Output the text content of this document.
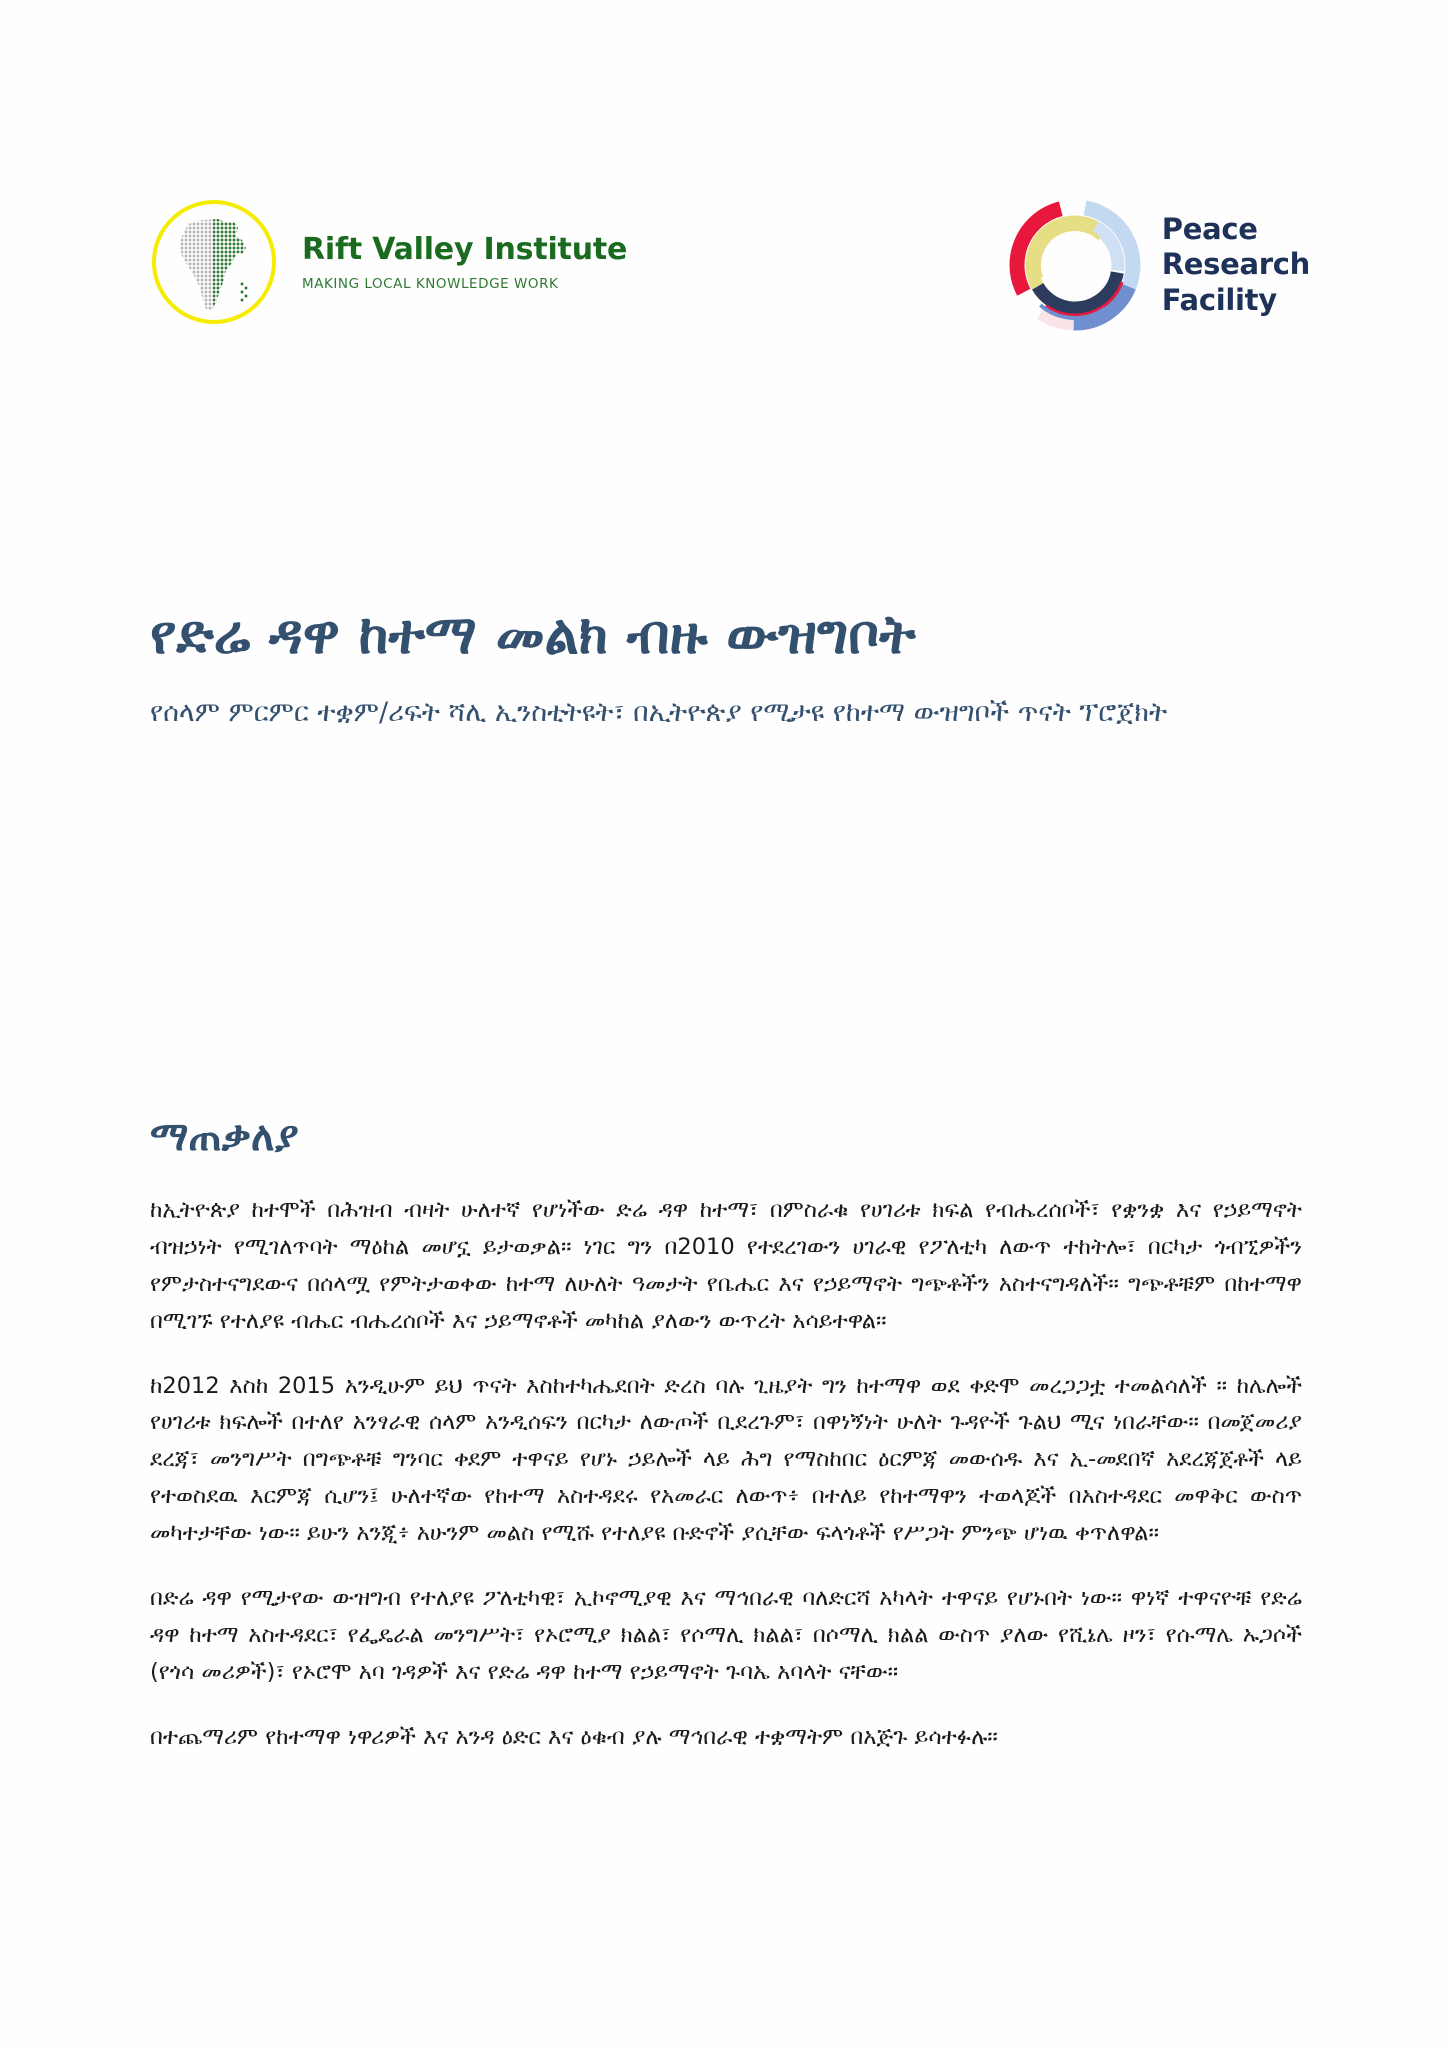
Rift Valley Institute
MAKING LOCAL KNOWLEDGE WORK
Peace
Research
Facility
የድሬ ዳዋ ከተማ መልክ ብዙ ውዝግቦት
የሰላም ምርምር ተቋም/ሪፍት ሻሊ ኢንስቲትዩት፣ በኢትዮጵያ የሚታዩ የከተማ ውዝግቦች ጥናት ፕሮጀክት
ማጠቃለያ

ከኢትዮጵያ ከተሞች በሕዝብ ብዛት ሁለተኛ የሆነችው ድሬ ዳዋ ከተማ፣ በምስራቁ የሀገሪቱ ክፍል የብሔረሰቦች፣ የቋንቋ እና የኃይማኖት ብዝኃነት የሚገለጥባት ማዕከል መሆኗ ይታወቃል። ነገር ግን በ2010 የተደረገውን ሀገራዊ የፖለቲካ ለውጥ ተከትሎ፣ በርካታ ጎብኚዎችን የምታስተናግደውና በሰላሟ የምትታወቀው ከተማ ለሁለት ዓመታት የቤሔር እና የኃይማኖት ግጭቶችን አስተናግዳለች። ግጭቶቹም በከተማዋ በሚገኙ የተለያዩ ብሔር ብሔረሰቦች እና ኃይማኖቶች መካከል ያለውን ውጥረት አሳይተዋል።

ከ2012 እስከ 2015 አንዲሁም ይህ ጥናት እስከተካሔደበት ድረስ ባሉ ጊዜያት ግን ከተማዋ ወደ ቀድሞ መረጋጋቷ ተመልሳለች ። ከሌሎች የሀገሪቱ ክፍሎች በተለየ አንፃራዊ ሰላም አንዲሰፍን በርካታ ለውጦች ቢደረጉም፣ በዋነኝነት ሁለት ጉዳዮች ጉልህ ሚና ነበራቸው። በመጀመሪያ ደረጃ፣ መንግሥት በግጭቶቹ ግንባር ቀደም ተዋናይ የሆኑ ኃይሎች ላይ ሕግ የማስከበር ዕርምጃ መውሰዱ እና ኢ-መደበኛ አደረጃጀቶች ላይ የተወስደዉ እርምጃ ሲሆን፤ ሁለተኛው የከተማ አስተዳደሩ የአመራር ለውጥ፥ በተለይ የከተማዋን ተወላጆች በአስተዳደር መዋቅር ውስጥ መካተታቸው ነው። ይሁን አንጂ፥ አሁንም መልስ የሚሹ የተለያዩ ቡድኖች ያሲቸው ፍላጎቶች የሥጋት ምንጭ ሆነዉ ቀጥለዋል።

በድሬ ዳዋ የሚታየው ውዝግብ የተለያዩ ፖለቲካዊ፣ ኢኮኖሚያዊ እና ማኅበራዊ ባለድርሻ አካላት ተዋናይ የሆኑበት ነው። ዋነኛ ተዋናዮቹ የድሬ ዳዋ ከተማ አስተዳደር፣ የፌዴራል መንግሥት፣ የኦሮሚያ ክልል፣ የሶማሊ ክልል፣ በሶማሊ ክልል ውስጥ ያለው የሺኔሌ ዞን፣ የሱማሌ ኡጋሶች (የጎሳ መሪዎች)፣ የኦሮሞ አባ ገዳዎች እና የድሬ ዳዋ ከተማ የኃይማኖት ጉባኤ አባላት ናቸው።

በተጨማሪም የከተማዋ ነዋሪዎች እና አንዳ ዕድር እና ዕቁብ ያሉ ማኅበራዊ ተቋማትም በአጅጉ ይሳተፉሉ።
